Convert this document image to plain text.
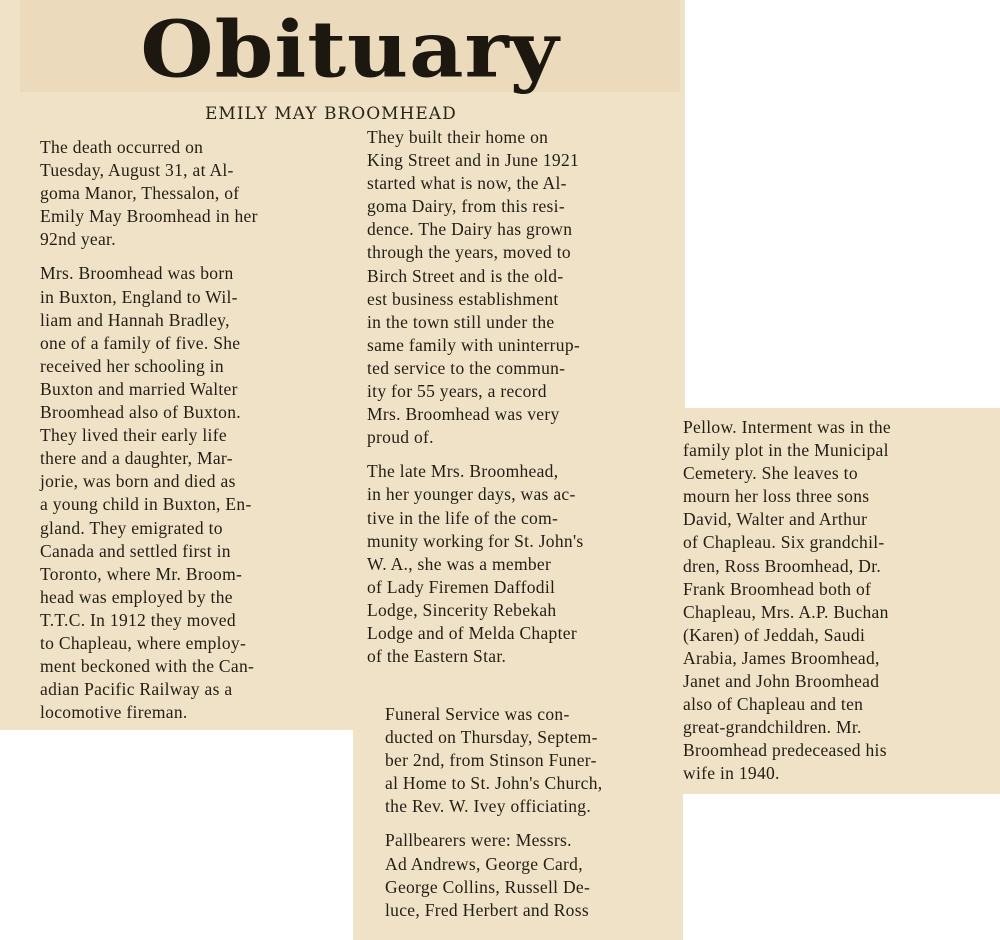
Obituary
EMILY MAY BROOMHEAD
The death occurred on
Tuesday, August 31, at Al-
goma Manor, Thessalon, of
Emily May Broomhead in her
92nd year.
Mrs. Broomhead was born
in Buxton, England to Wil-
liam and Hannah Bradley,
one of a family of five. She
received her schooling in
Buxton and married Walter
Broomhead also of Buxton.
They lived their early life
there and a daughter, Mar-
jorie, was born and died as
a young child in Buxton, En-
gland. They emigrated to
Canada and settled first in
Toronto, where Mr. Broom-
head was employed by the
T.T.C. In 1912 they moved
to Chapleau, where employ-
ment beckoned with the Can-
adian Pacific Railway as a
locomotive fireman.
They built their home on
King Street and in June 1921
started what is now, the Al-
goma Dairy, from this resi-
dence. The Dairy has grown
through the years, moved to
Birch Street and is the old-
est business establishment
in the town still under the
same family with uninterrup-
ted service to the commun-
ity for 55 years, a record
Mrs. Broomhead was very
proud of.
The late Mrs. Broomhead,
in her younger days, was ac-
tive in the life of the com-
munity working for St. John's
W. A., she was a member
of Lady Firemen Daffodil
Lodge, Sincerity Rebekah
Lodge and of Melda Chapter
of the Eastern Star.
Funeral Service was con-
ducted on Thursday, Septem-
ber 2nd, from Stinson Funer-
al Home to St. John's Church,
the Rev. W. Ivey officiating.
Pallbearers were: Messrs.
Ad Andrews, George Card,
George Collins, Russell De-
luce, Fred Herbert and Ross
Pellow. Interment was in the
family plot in the Municipal
Cemetery. She leaves to
mourn her loss three sons
David, Walter and Arthur
of Chapleau. Six grandchil-
dren, Ross Broomhead, Dr.
Frank Broomhead both of
Chapleau, Mrs. A.P. Buchan
(Karen) of Jeddah, Saudi
Arabia, James Broomhead,
Janet and John Broomhead
also of Chapleau and ten
great-grandchildren. Mr.
Broomhead predeceased his
wife in 1940.
